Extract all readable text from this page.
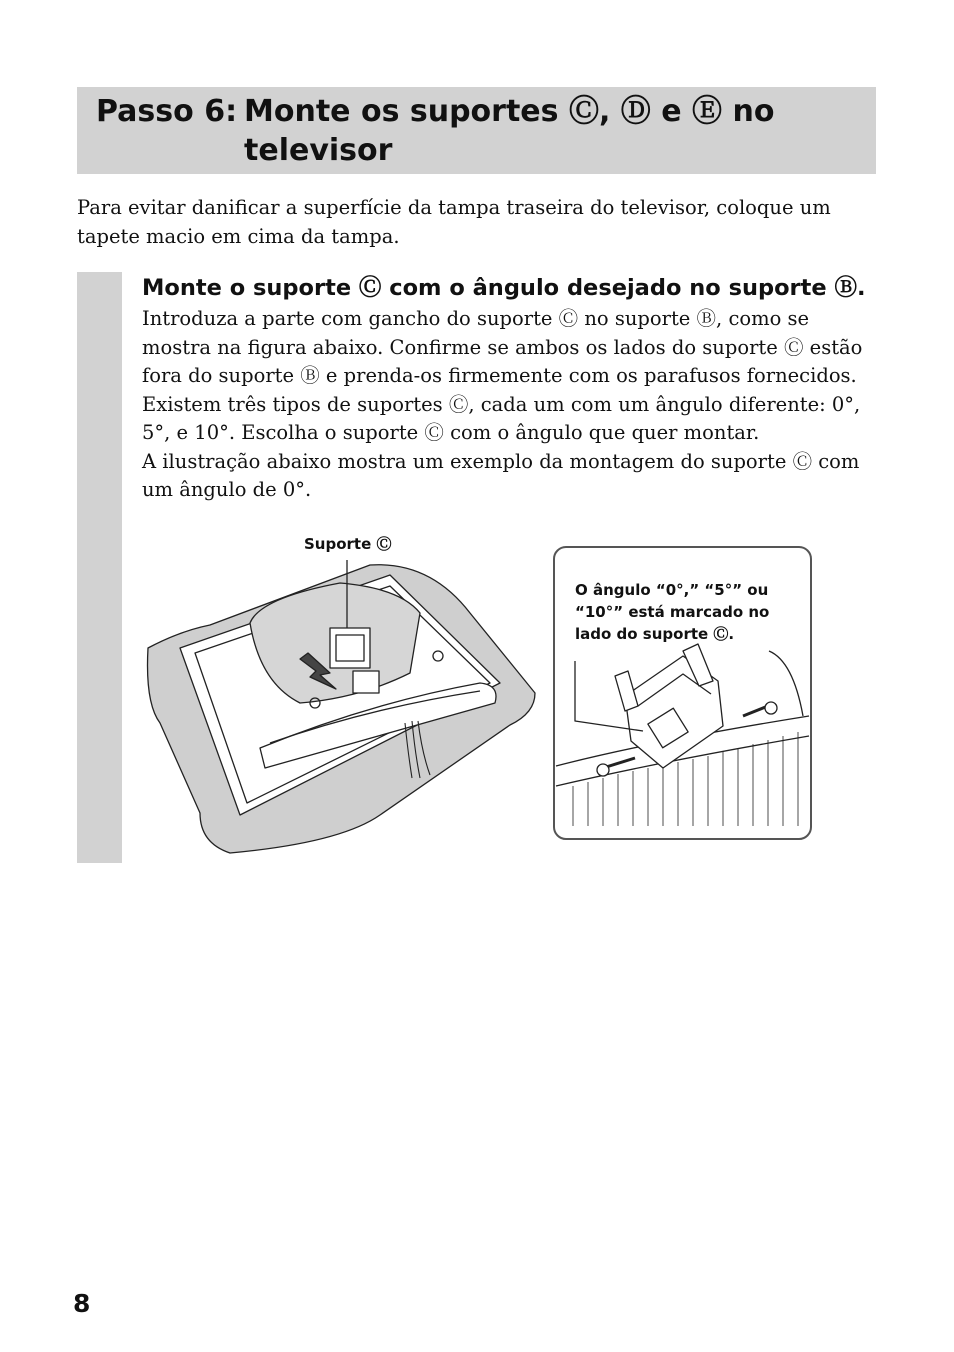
Passo 6: Monte os suportes Ⓒ, Ⓓ e Ⓔ no
televisor

Para evitar danificar a superfície da tampa traseira do televisor, coloque um tapete macio em cima da tampa.

Monte o suporte Ⓒ com o ângulo desejado no suporte Ⓑ.

Introduza a parte com gancho do suporte Ⓒ no suporte Ⓑ, como se mostra na figura abaixo. Confirme se ambos os lados do suporte Ⓒ estão fora do suporte Ⓑ e prenda-os firmemente com os parafusos fornecidos. Existem três tipos de suportes Ⓒ, cada um com um ângulo diferente: 0°, 5°, e 10°. Escolha o suporte Ⓒ com o ângulo que quer montar.
A ilustração abaixo mostra um exemplo da montagem do suporte Ⓒ com um ângulo de 0°.

Suporte Ⓒ
O ângulo “0°,” “5°” ou “10°” está marcado no lado do suporte Ⓒ.
8
